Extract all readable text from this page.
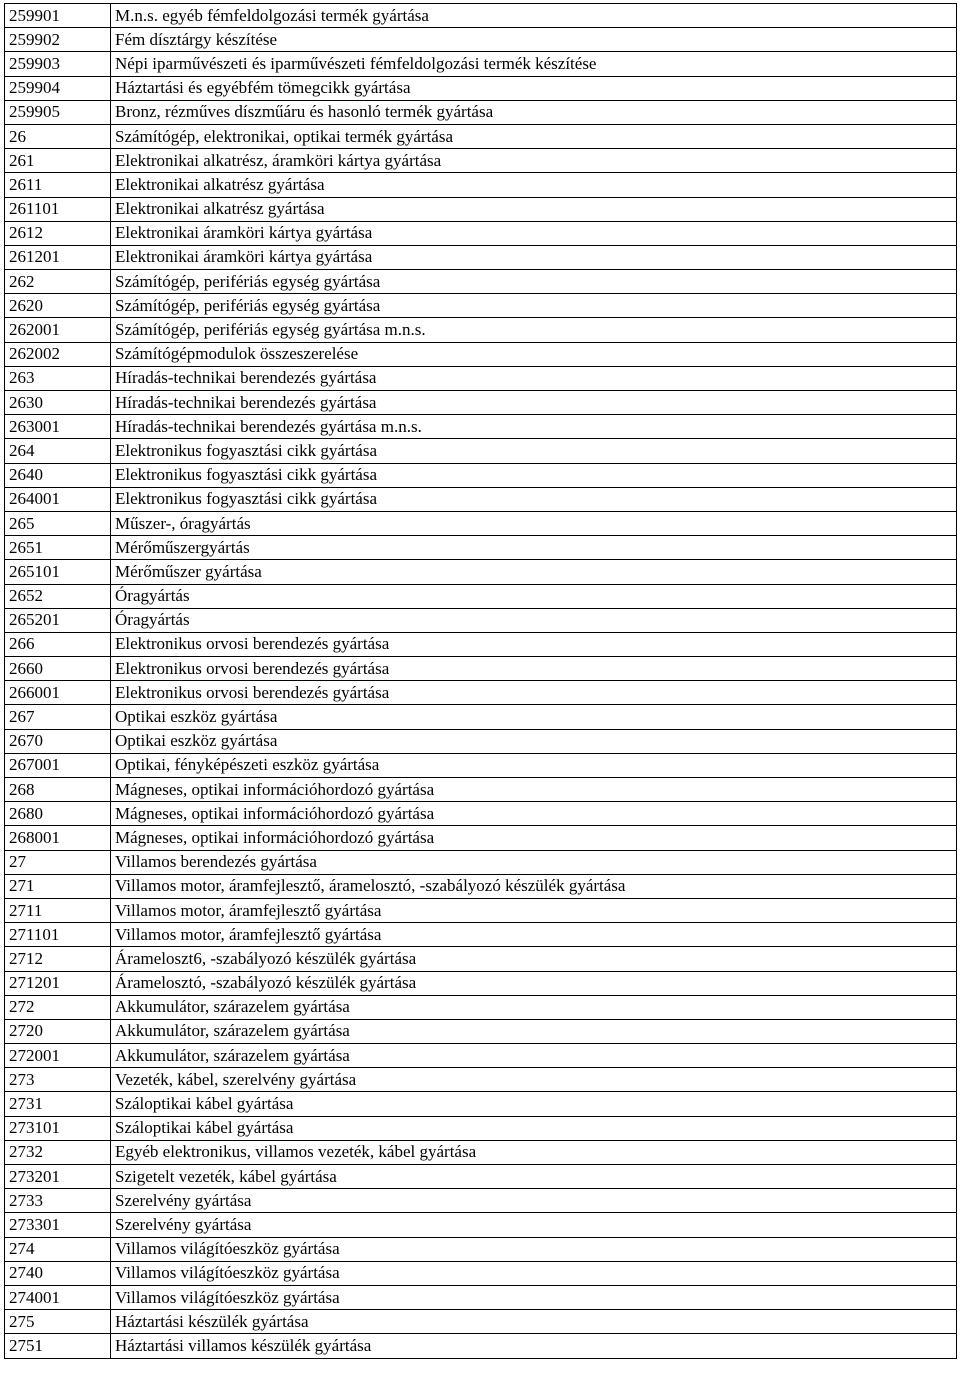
259901	M.n.s. egyéb fémfeldolgozási termék gyártása
259902	Fém dísztárgy készítése
259903	Népi iparművészeti és iparművészeti fémfeldolgozási termék készítése
259904	Háztartási és egyébfém tömegcikk gyártása
259905	Bronz, rézműves díszműáru és hasonló termék gyártása
26	Számítógép, elektronikai, optikai termék gyártása
261	Elektronikai alkatrész, áramköri kártya gyártása
2611	Elektronikai alkatrész gyártása
261101	Elektronikai alkatrész gyártása
2612	Elektronikai áramköri kártya gyártása
261201	Elektronikai áramköri kártya gyártása
262	Számítógép, perifériás egység gyártása
2620	Számítógép, perifériás egység gyártása
262001	Számítógép, perifériás egység gyártása m.n.s.
262002	Számítógépmodulok összeszerelése
263	Híradás-technikai berendezés gyártása
2630	Híradás-technikai berendezés gyártása
263001	Híradás-technikai berendezés gyártása m.n.s.
264	Elektronikus fogyasztási cikk gyártása
2640	Elektronikus fogyasztási cikk gyártása
264001	Elektronikus fogyasztási cikk gyártása
265	Műszer-, óragyártás
2651	Mérőműszergyártás
265101	Mérőműszer gyártása
2652	Óragyártás
265201	Óragyártás
266	Elektronikus orvosi berendezés gyártása
2660	Elektronikus orvosi berendezés gyártása
266001	Elektronikus orvosi berendezés gyártása
267	Optikai eszköz gyártása
2670	Optikai eszköz gyártása
267001	Optikai, fényképészeti eszköz gyártása
268	Mágneses, optikai információhordozó gyártása
2680	Mágneses, optikai információhordozó gyártása
268001	Mágneses, optikai információhordozó gyártása
27	Villamos berendezés gyártása
271	Villamos motor, áramfejlesztő, áramelosztó, -szabályozó készülék gyártása
2711	Villamos motor, áramfejlesztő gyártása
271101	Villamos motor, áramfejlesztő gyártása
2712	Árameloszt6, -szabályozó készülék gyártása
271201	Áramelosztó, -szabályozó készülék gyártása
272	Akkumulátor, szárazelem gyártása
2720	Akkumulátor, szárazelem gyártása
272001	Akkumulátor, szárazelem gyártása
273	Vezeték, kábel, szerelvény gyártása
2731	Száloptikai kábel gyártása
273101	Száloptikai kábel gyártása
2732	Egyéb elektronikus, villamos vezeték, kábel gyártása
273201	Szigetelt vezeték, kábel gyártása
2733	Szerelvény gyártása
273301	Szerelvény gyártása
274	Villamos világítóeszköz gyártása
2740	Villamos világítóeszköz gyártása
274001	Villamos világítóeszköz gyártása
275	Háztartási készülék gyártása
2751	Háztartási villamos készülék gyártása
